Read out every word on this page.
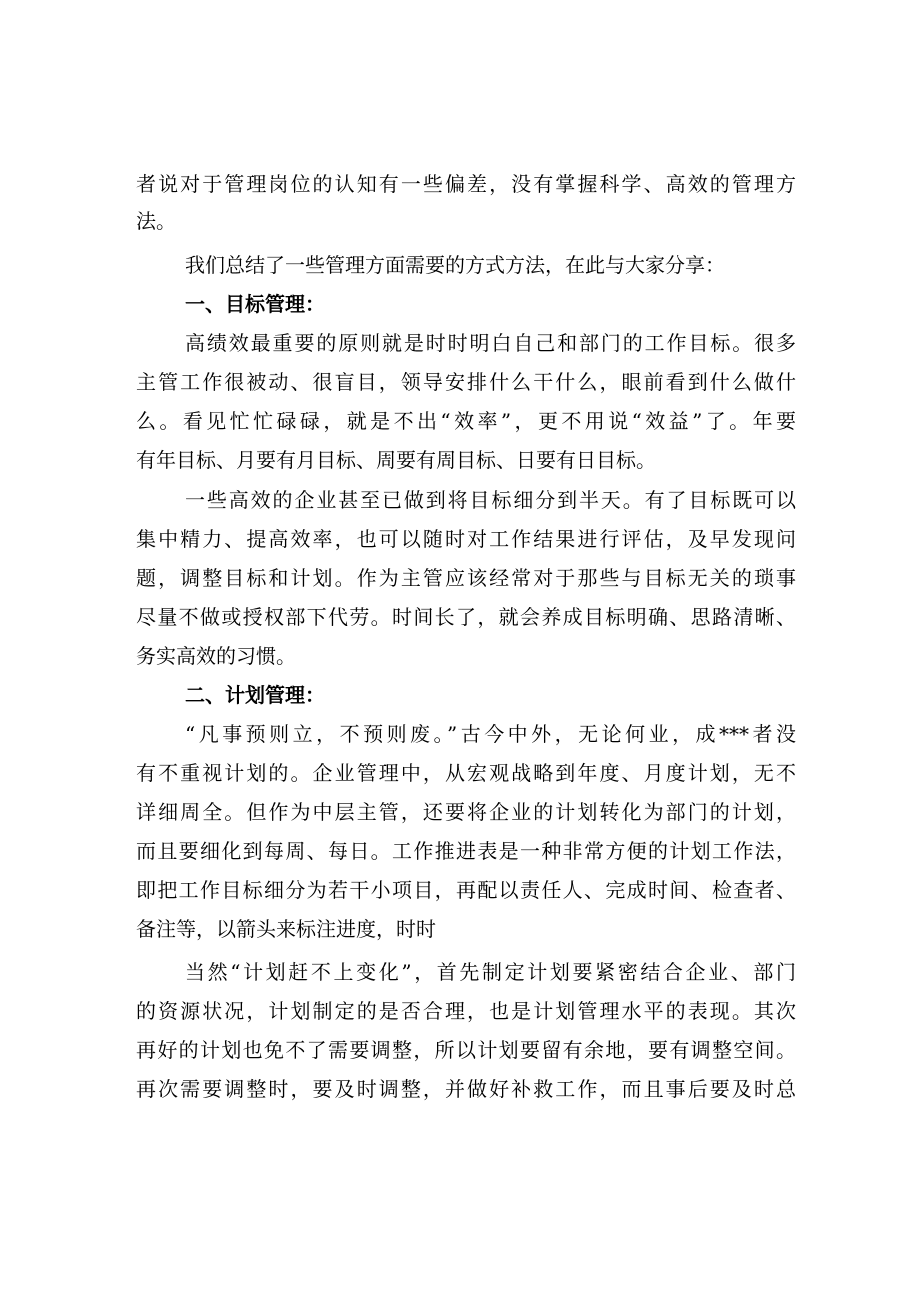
者说对于管理岗位的认知有一些偏差，没有掌握科学、高效的管理方
法。
我们总结了一些管理方面需要的方式方法，在此与大家分享：
一、目标管理：
高绩效最重要的原则就是时时明白自己和部门的工作目标。很多
主管工作很被动、很盲目，领导安排什么干什么，眼前看到什么做什
么。看见忙忙碌碌，就是不出“效率”，更不用说“效益”了。年要
有年目标、月要有月目标、周要有周目标、日要有日目标。
一些高效的企业甚至已做到将目标细分到半天。有了目标既可以
集中精力、提高效率，也可以随时对工作结果进行评估，及早发现问
题，调整目标和计划。作为主管应该经常对于那些与目标无关的琐事
尽量不做或授权部下代劳。时间长了，就会养成目标明确、思路清晰、
务实高效的习惯。
二、计划管理：
“凡事预则立，不预则废。”古今中外，无论何业，成***者没
有不重视计划的。企业管理中，从宏观战略到年度、月度计划，无不
详细周全。但作为中层主管，还要将企业的计划转化为部门的计划，
而且要细化到每周、每日。工作推进表是一种非常方便的计划工作法，
即把工作目标细分为若干小项目，再配以责任人、完成时间、检查者、
备注等，以箭头来标注进度，时时
当然“计划赶不上变化”，首先制定计划要紧密结合企业、部门
的资源状况，计划制定的是否合理，也是计划管理水平的表现。其次
再好的计划也免不了需要调整，所以计划要留有余地，要有调整空间。
再次需要调整时，要及时调整，并做好补救工作，而且事后要及时总
